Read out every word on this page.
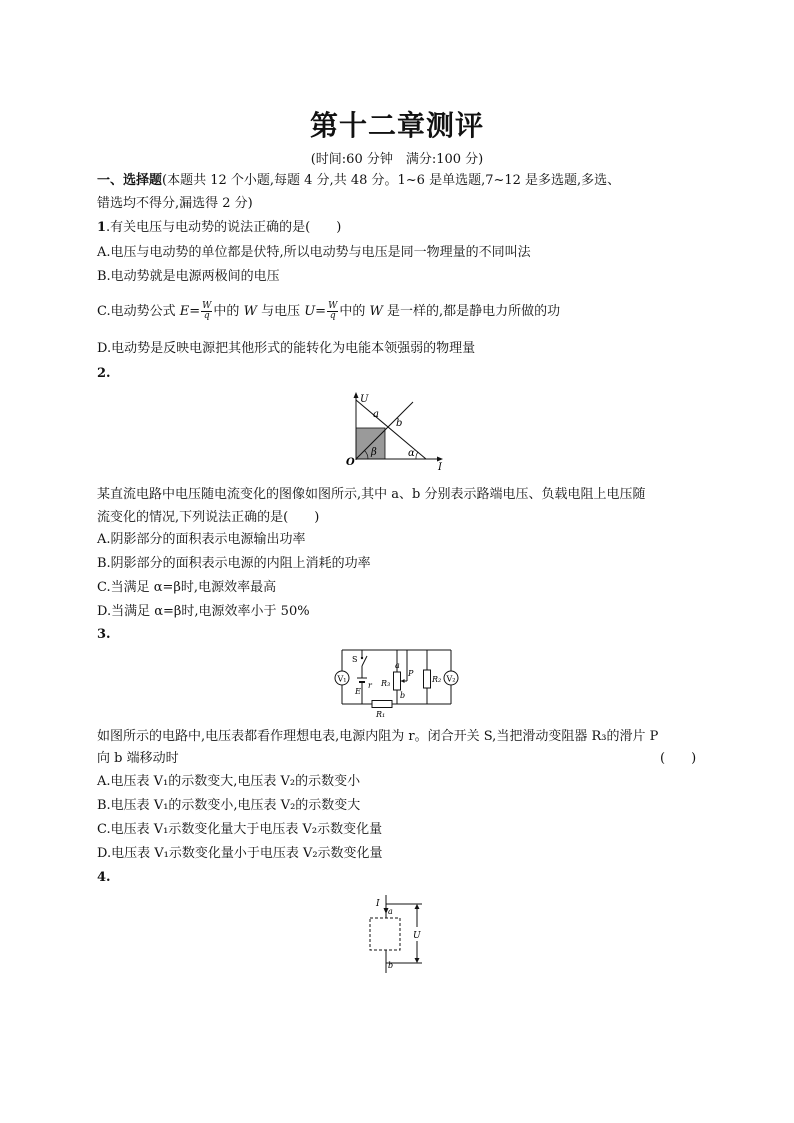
第十二章测评
(时间:60 分钟　满分:100 分)
一、选择题(本题共 12 个小题,每题 4 分,共 48 分。1~6 是单选题,7~12 是多选题,多选、
错选均不得分,漏选得 2 分)
1.有关电压与电动势的说法正确的是(　　)
A.电压与电动势的单位都是伏特,所以电动势与电压是同一物理量的不同叫法
B.电动势就是电源两极间的电压
C.电动势公式 $E= \frac{W}{q}$ 中的 W 与电压 $U= \frac{W}{q}$ 中的 W 是一样的,都是静电力所做的功
D.电动势是反映电源把其他形式的能转化为电能本领强弱的物理量
2.
U
I
O
a
b
β	α
某直流电路中电压随电流变化的图像如图所示,其中 a、b 分别表示路端电压、负载电阻上电压随
流变化的情况,下列说法正确的是(　　)
A.阴影部分的面积表示电源输出功率
B.阴影部分的面积表示电源的内阻上消耗的功率
C.当满足 α=β时,电源效率最高
D.当满足 α=β时,电源效率小于 50%
3.
V₁	V₂
S
E
r R₃	R₂
R₁
a
b
P
如图所示的电路中,电压表都看作理想电表,电源内阻为 r。闭合开关 S,当把滑动变阻器 R₃的滑片 P
向 b 端移动时	(　　)
A.电压表 V₁的示数变大,电压表 V₂的示数变小
B.电压表 V₁的示数变小,电压表 V₂的示数变大
C.电压表 V₁示数变化量大于电压表 V₂示数变化量
D.电压表 V₁示数变化量小于电压表 V₂示数变化量
4.
I
a
b
U
